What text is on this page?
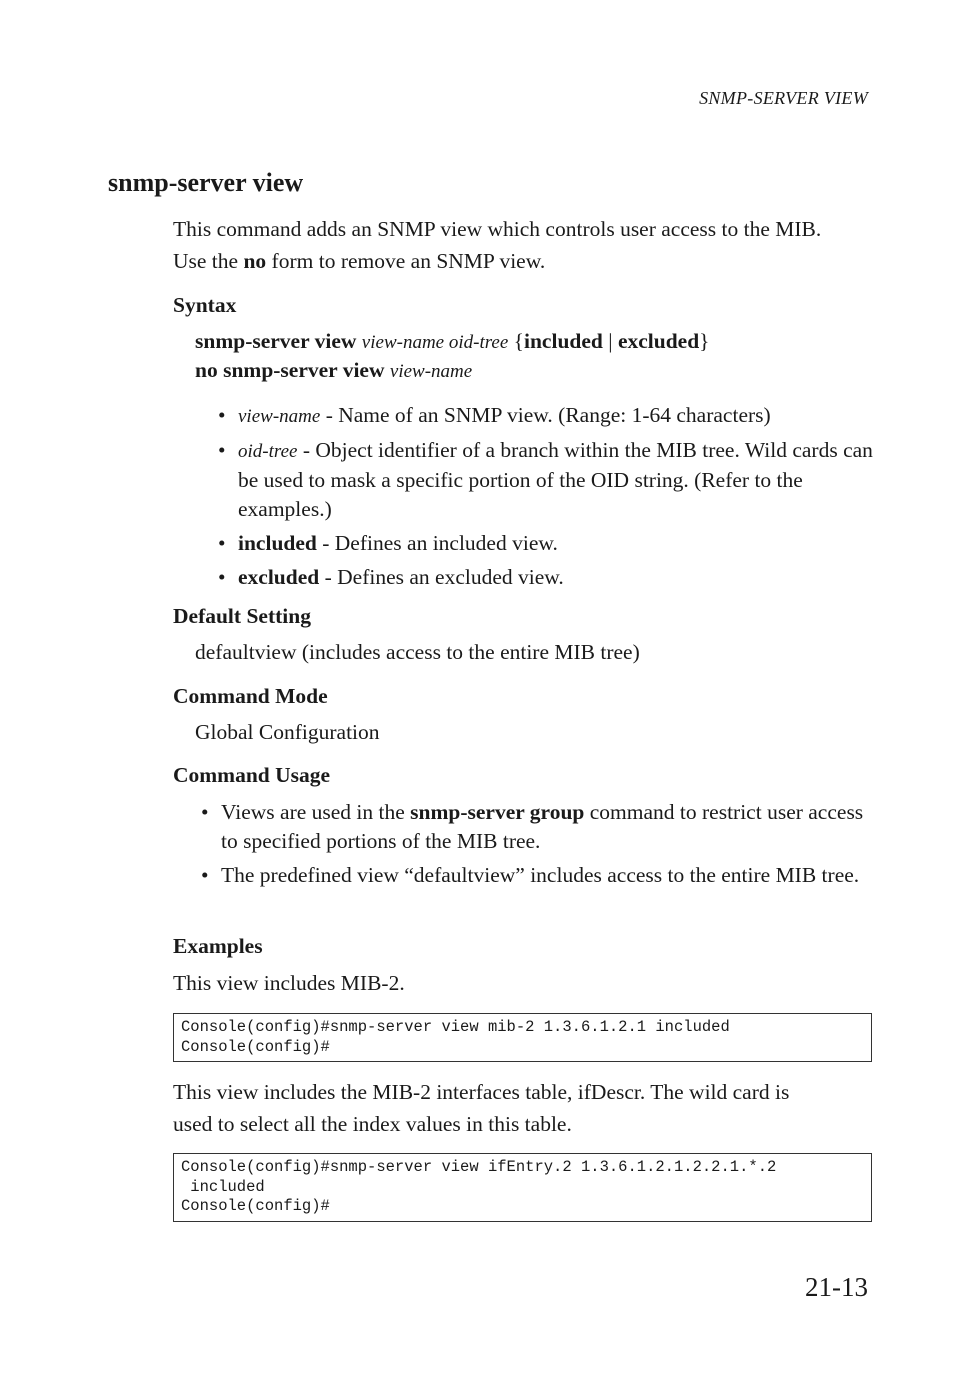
SNMP-SERVER VIEW
snmp-server view
This command adds an SNMP view which controls user access to the MIB.
Use the no form to remove an SNMP view.
Syntax
snmp-server view view-name oid-tree {included | excluded}
no snmp-server view view-name
• view-name - Name of an SNMP view. (Range: 1-64 characters)
• oid-tree - Object identifier of a branch within the MIB tree. Wild cards can be used to mask a specific portion of the OID string. (Refer to the examples.)
• included - Defines an included view.
• excluded - Defines an excluded view.
Default Setting
defaultview (includes access to the entire MIB tree)
Command Mode
Global Configuration
Command Usage
• Views are used in the snmp-server group command to restrict user access to specified portions of the MIB tree.
• The predefined view “defaultview” includes access to the entire MIB tree.
Examples
This view includes MIB-2.
Console(config)#snmp-server view mib-2 1.3.6.1.2.1 included
Console(config)#
This view includes the MIB-2 interfaces table, ifDescr. The wild card is
used to select all the index values in this table.
Console(config)#snmp-server view ifEntry.2 1.3.6.1.2.1.2.2.1.*.2
included
Console(config)#
21-13
